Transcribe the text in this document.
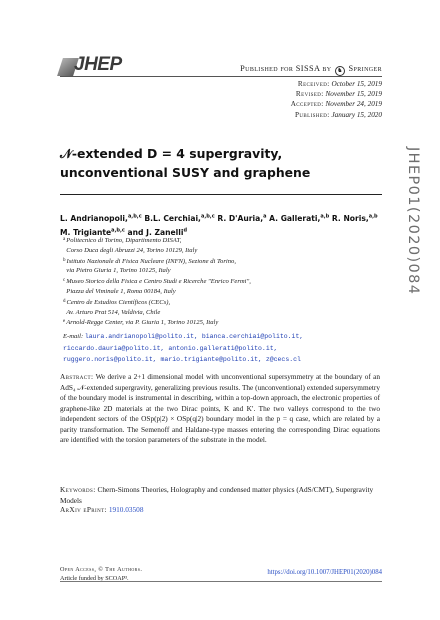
JHEP	Published for SISSA by ♞ Springer
Received: October 15, 2019
Revised: November 15, 2019
Accepted: November 24, 2019
Published: January 15, 2020
JHEP01(2020)084
𝒩-extended D = 4 supergravity, unconventional SUSY and graphene
L. Andrianopoli,$^{a,b,c}$ B.L. Cerchiai,$^{a,b,c}$ R. D'Auria,$^a$ A. Gallerati,$^{a,b}$ R. Noris,$^{a,b}$
M. Trigiante$^{a,b,c}$ and J. Zanelli$^d$
$^a$Politecnico di Torino, Dipartimento DISAT,
Corso Duca degli Abruzzi 24, Torino 10129, Italy
$^b$Istituto Nazionale di Fisica Nucleare (INFN), Sezione di Torino,
via Pietro Giuria 1, Torino 10125, Italy
$^c$Museo Storico della Fisica e Centro Studi e Ricerche "Enrico Fermi",
Piazza del Viminale 1, Roma 00184, Italy
$^d$Centro de Estudios Científicos (CECs),
Av. Arturo Prat 514, Valdivia, Chile
$^e$Arnold-Regge Center, via P. Giuria 1, Torino 10125, Italy
E-mail: laura.andrianopoli@polito.it, bianca.cerchiai@polito.it,
riccardo.dauria@polito.it, antonio.gallerati@polito.it,
ruggero.noris@polito.it, mario.trigiante@polito.it, z@cecs.cl
Abstract: We derive a 2+1 dimensional model with unconventional supersymmetry at the boundary of an AdS₄ 𝒩-extended supergravity, generalizing previous results. The (unconventional) extended supersymmetry of the boundary model is instrumental in describing, within a top-down approach, the electronic properties of graphene-like 2D materials at the two Dirac points, K and K′. The two valleys correspond to the two independent sectors of the OSp(p|2) × OSp(q|2) boundary model in the p = q case, which are related by a parity transformation. The Semenoff and Haldane-type masses entering the corresponding Dirac equations are identified with the torsion parameters of the substrate in the model.
Keywords: Chern-Simons Theories, Holography and condensed matter physics (AdS/CMT), Supergravity Models
ArXiv ePrint: 1910.03508
Open Access, © The Authors.
Article funded by SCOAP³.
https://doi.org/10.1007/JHEP01(2020)084
